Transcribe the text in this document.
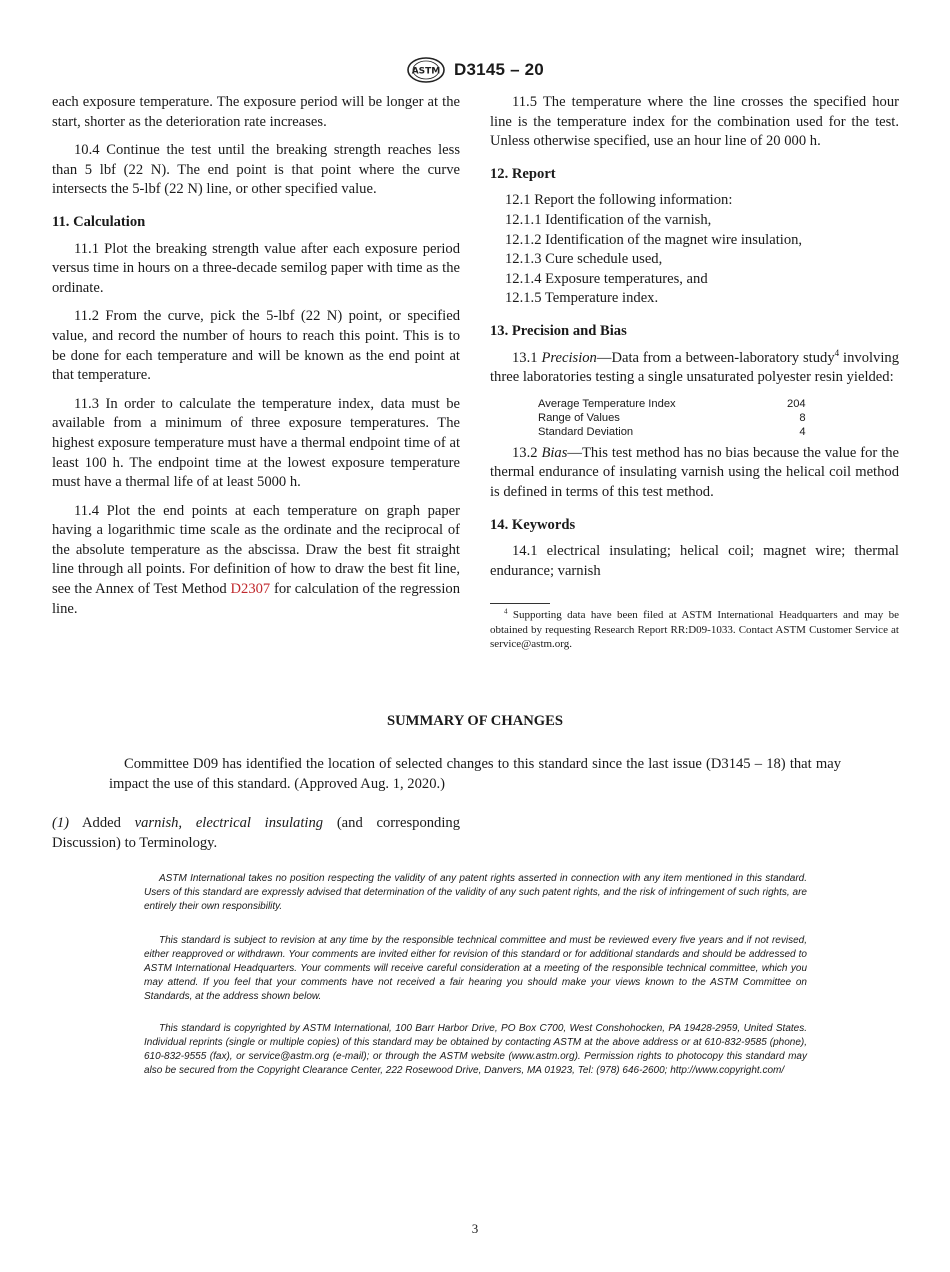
ASTM D3145 – 20

each exposure temperature. The exposure period will be longer at the start, shorter as the deterioration rate increases.

10.4 Continue the test until the breaking strength reaches less than 5 lbf (22 N). The end point is that point where the curve intersects the 5-lbf (22 N) line, or other specified value.

11. Calculation

11.1 Plot the breaking strength value after each exposure period versus time in hours on a three-decade semilog paper with time as the ordinate.

11.2 From the curve, pick the 5-lbf (22 N) point, or specified value, and record the number of hours to reach this point. This is to be done for each temperature and will be known as the end point at that temperature.

11.3 In order to calculate the temperature index, data must be available from a minimum of three exposure temperatures. The highest exposure temperature must have a thermal endpoint time of at least 100 h. The endpoint time at the lowest exposure temperature must have a thermal life of at least 5000 h.

11.4 Plot the end points at each temperature on graph paper having a logarithmic time scale as the ordinate and the reciprocal of the absolute temperature as the abscissa. Draw the best fit straight line through all points. For definition of how to draw the best fit line, see the Annex of Test Method D2307 for calculation of the regression line.

11.5 The temperature where the line crosses the specified hour line is the temperature index for the combination used for the test. Unless otherwise specified, use an hour line of 20 000 h.

12. Report
12.1 Report the following information:
12.1.1 Identification of the varnish,
12.1.2 Identification of the magnet wire insulation,
12.1.3 Cure schedule used,
12.1.4 Exposure temperatures, and
12.1.5 Temperature index.
13. Precision and Bias

13.1 Precision—Data from a between-laboratory study$^4$ involving three laboratories testing a single unsaturated polyester resin yielded:

Average Temperature Index	204
Range of Values	8
Standard Deviation	4

13.2 Bias—This test method has no bias because the value for the thermal endurance of insulating varnish using the helical coil method is defined in terms of this test method.

14. Keywords

14.1 electrical insulating; helical coil; magnet wire; thermal endurance; varnish

$^4$ Supporting data have been filed at ASTM International Headquarters and may be obtained by requesting Research Report RR:D09-1033. Contact ASTM Customer Service at service@astm.org.
SUMMARY OF CHANGES
Committee D09 has identified the location of selected changes to this standard since the last issue (D3145 – 18) that may impact the use of this standard. (Approved Aug. 1, 2020.)
(1) Added varnish, electrical insulating (and corresponding Discussion) to Terminology.
ASTM International takes no position respecting the validity of any patent rights asserted in connection with any item mentioned in this standard. Users of this standard are expressly advised that determination of the validity of any such patent rights, and the risk of infringement of such rights, are entirely their own responsibility.
This standard is subject to revision at any time by the responsible technical committee and must be reviewed every five years and if not revised, either reapproved or withdrawn. Your comments are invited either for revision of this standard or for additional standards and should be addressed to ASTM International Headquarters. Your comments will receive careful consideration at a meeting of the responsible technical committee, which you may attend. If you feel that your comments have not received a fair hearing you should make your views known to the ASTM Committee on Standards, at the address shown below.
This standard is copyrighted by ASTM International, 100 Barr Harbor Drive, PO Box C700, West Conshohocken, PA 19428-2959, United States. Individual reprints (single or multiple copies) of this standard may be obtained by contacting ASTM at the above address or at 610-832-9585 (phone), 610-832-9555 (fax), or service@astm.org (e-mail); or through the ASTM website (www.astm.org). Permission rights to photocopy this standard may also be secured from the Copyright Clearance Center, 222 Rosewood Drive, Danvers, MA 01923, Tel: (978) 646-2600; http://www.copyright.com/
3
